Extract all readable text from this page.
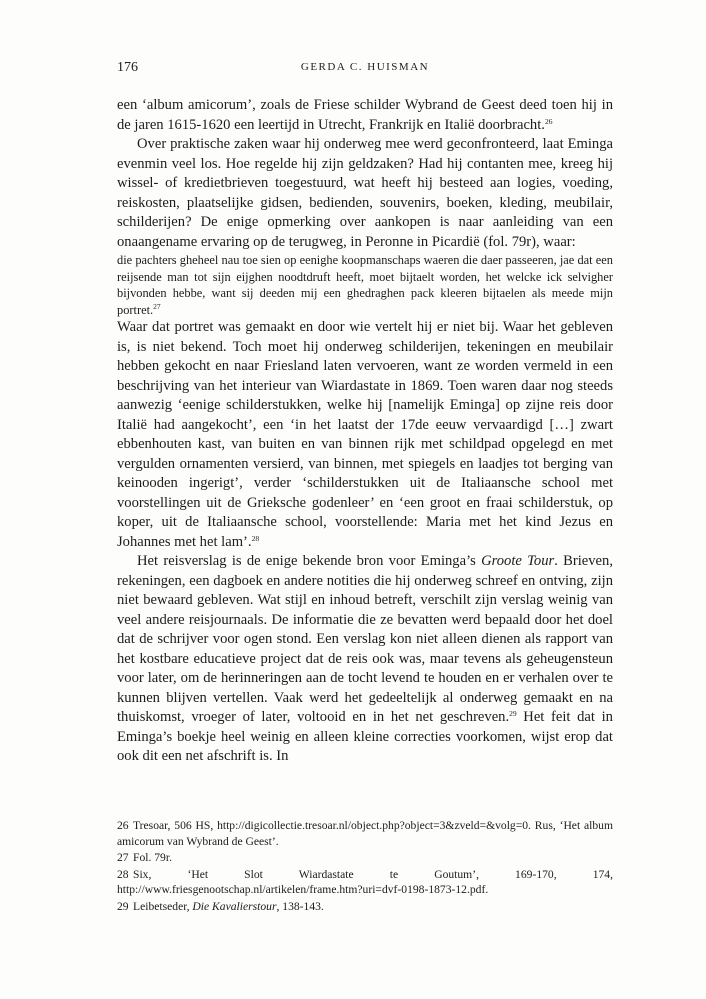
176	GERDA C. HUISMAN

een ‘album amicorum’, zoals de Friese schilder Wybrand de Geest deed toen hij in de jaren 1615-1620 een leertijd in Utrecht, Frankrijk en Italië doorbracht.$^{26}$

Over praktische zaken waar hij onderweg mee werd geconfronteerd, laat Eminga evenmin veel los. Hoe regelde hij zijn geldzaken? Had hij contanten mee, kreeg hij wissel- of kredietbrieven toegestuurd, wat heeft hij besteed aan logies, voeding, reiskosten, plaatselijke gidsen, bedienden, souvenirs, boeken, kleding, meubilair, schilderijen? De enige opmerking over aankopen is naar aanleiding van een onaangename ervaring op de terugweg, in Peronne in Picardië (fol. 79r), waar:

die pachters gheheel nau toe sien op eenighe koopmanschaps waeren die daer passeeren, jae dat een reijsende man tot sijn eijghen noodtdruft heeft, moet bijtaelt worden, het welcke ick selvigher bijvonden hebbe, want sij deeden mij een ghedraghen pack kleeren bijtaelen als meede mijn portret.$^{27}$

Waar dat portret was gemaakt en door wie vertelt hij er niet bij. Waar het gebleven is, is niet bekend. Toch moet hij onderweg schilderijen, tekeningen en meubilair hebben gekocht en naar Friesland laten vervoeren, want ze worden vermeld in een beschrijving van het interieur van Wiardastate in 1869. Toen waren daar nog steeds aanwezig ‘eenige schilderstukken, welke hij [namelijk Eminga] op zijne reis door Italië had aangekocht’, een ‘in het laatst der 17de eeuw vervaardigd […] zwart ebbenhouten kast, van buiten en van binnen rijk met schildpad opgelegd en met vergulden ornamenten versierd, van binnen, met spiegels en laadjes tot berging van keinooden ingerigt’, verder ‘schilderstukken uit de Italiaansche school met voorstellingen uit de Grieksche godenleer’ en ‘een groot en fraai schilderstuk, op koper, uit de Italiaansche school, voorstellende: Maria met het kind Jezus en Johannes met het lam’.$^{28}$

Het reisverslag is de enige bekende bron voor Eminga’s Groote Tour. Brieven, rekeningen, een dagboek en andere notities die hij onderweg schreef en ontving, zijn niet bewaard gebleven. Wat stijl en inhoud betreft, verschilt zijn verslag weinig van veel andere reisjournaals. De informatie die ze bevatten werd bepaald door het doel dat de schrijver voor ogen stond. Een verslag kon niet alleen dienen als rapport van het kostbare educatieve project dat de reis ook was, maar tevens als geheugensteun voor later, om de herinneringen aan de tocht levend te houden en er verhalen over te kunnen blijven vertellen. Vaak werd het gedeeltelijk al onderweg gemaakt en na thuiskomst, vroeger of later, voltooid en in het net geschreven.$^{29}$ Het feit dat in Eminga’s boekje heel weinig en alleen kleine correcties voorkomen, wijst erop dat ook dit een net afschrift is. In

26 Tresoar, 506 HS, http://digicollectie.tresoar.nl/object.php?object=3&zveld=&volg=0. Rus, ‘Het album amicorum van Wybrand de Geest’.

27 Fol. 79r.

28 Six, ‘Het Slot Wiardastate te Goutum’, 169-170, 174, http://www.friesgenootschap.nl/artikelen/frame.htm?uri=dvf-0198-1873-12.pdf.

29 Leibetseder, Die Kavalierstour, 138-143.
